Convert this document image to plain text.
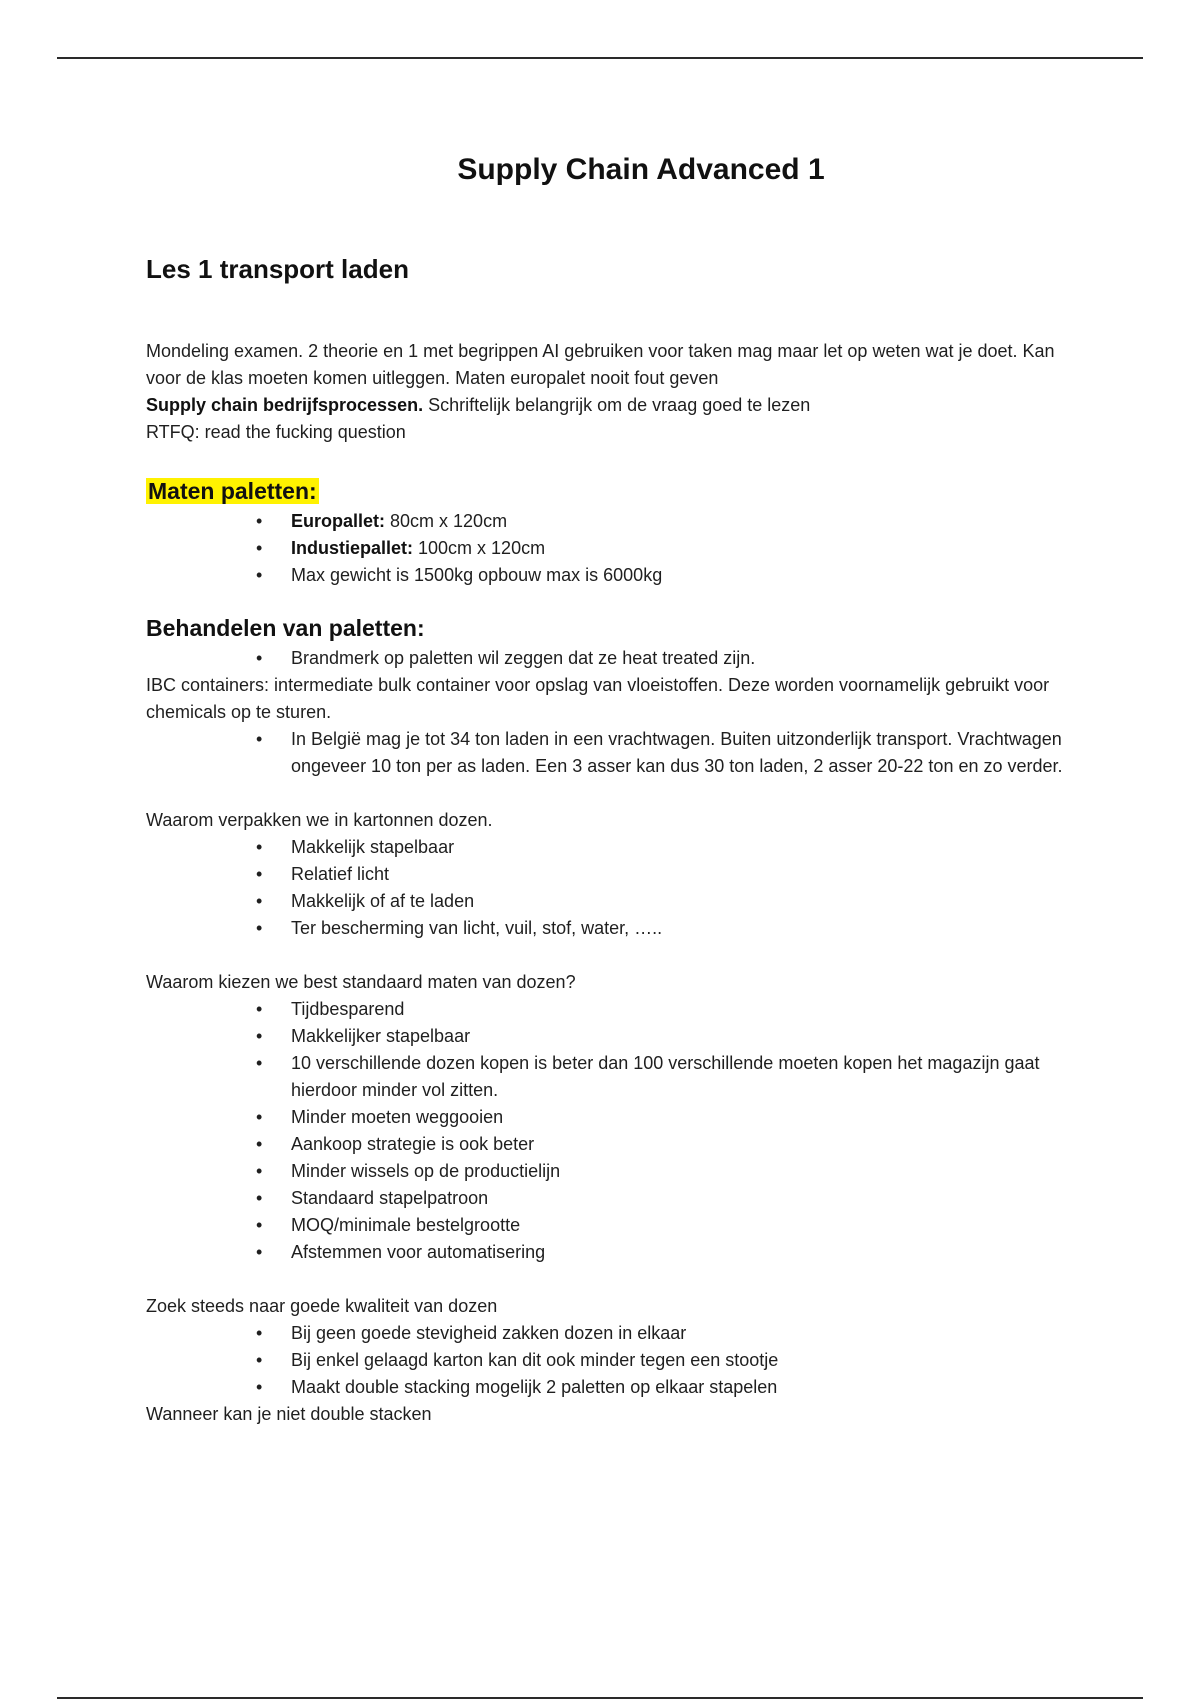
Supply Chain Advanced 1
Les 1 transport laden

Mondeling examen. 2 theorie en 1 met begrippen AI gebruiken voor taken mag maar let op weten wat je doet. Kan voor de klas moeten komen uitleggen. Maten europalet nooit fout geven

Supply chain bedrijfsprocessen. Schriftelijk belangrijk om de vraag goed te lezen

RTFQ: read the fucking question

Maten paletten:
• Europallet: 80cm x 120cm
• Industiepallet: 100cm x 120cm
• Max gewicht is 1500kg opbouw max is 6000kg
Behandelen van paletten:
• Brandmerk op paletten wil zeggen dat ze heat treated zijn.

IBC containers: intermediate bulk container voor opslag van vloeistoffen. Deze worden voornamelijk gebruikt voor chemicals op te sturen.

• In België mag je tot 34 ton laden in een vrachtwagen. Buiten uitzonderlijk transport. Vrachtwagen ongeveer 10 ton per as laden. Een 3 asser kan dus 30 ton laden, 2 asser 20-22 ton en zo verder.

Waarom verpakken we in kartonnen dozen.

• Makkelijk stapelbaar
• Relatief licht
• Makkelijk of af te laden
• Ter bescherming van licht, vuil, stof, water, …..

Waarom kiezen we best standaard maten van dozen?

• Tijdbesparend
• Makkelijker stapelbaar
• 10 verschillende dozen kopen is beter dan 100 verschillende moeten kopen het magazijn gaat hierdoor minder vol zitten.
• Minder moeten weggooien
• Aankoop strategie is ook beter
• Minder wissels op de productielijn
• Standaard stapelpatroon
• MOQ/minimale bestelgrootte
• Afstemmen voor automatisering

Zoek steeds naar goede kwaliteit van dozen

• Bij geen goede stevigheid zakken dozen in elkaar
• Bij enkel gelaagd karton kan dit ook minder tegen een stootje
• Maakt double stacking mogelijk 2 paletten op elkaar stapelen

Wanneer kan je niet double stacken
